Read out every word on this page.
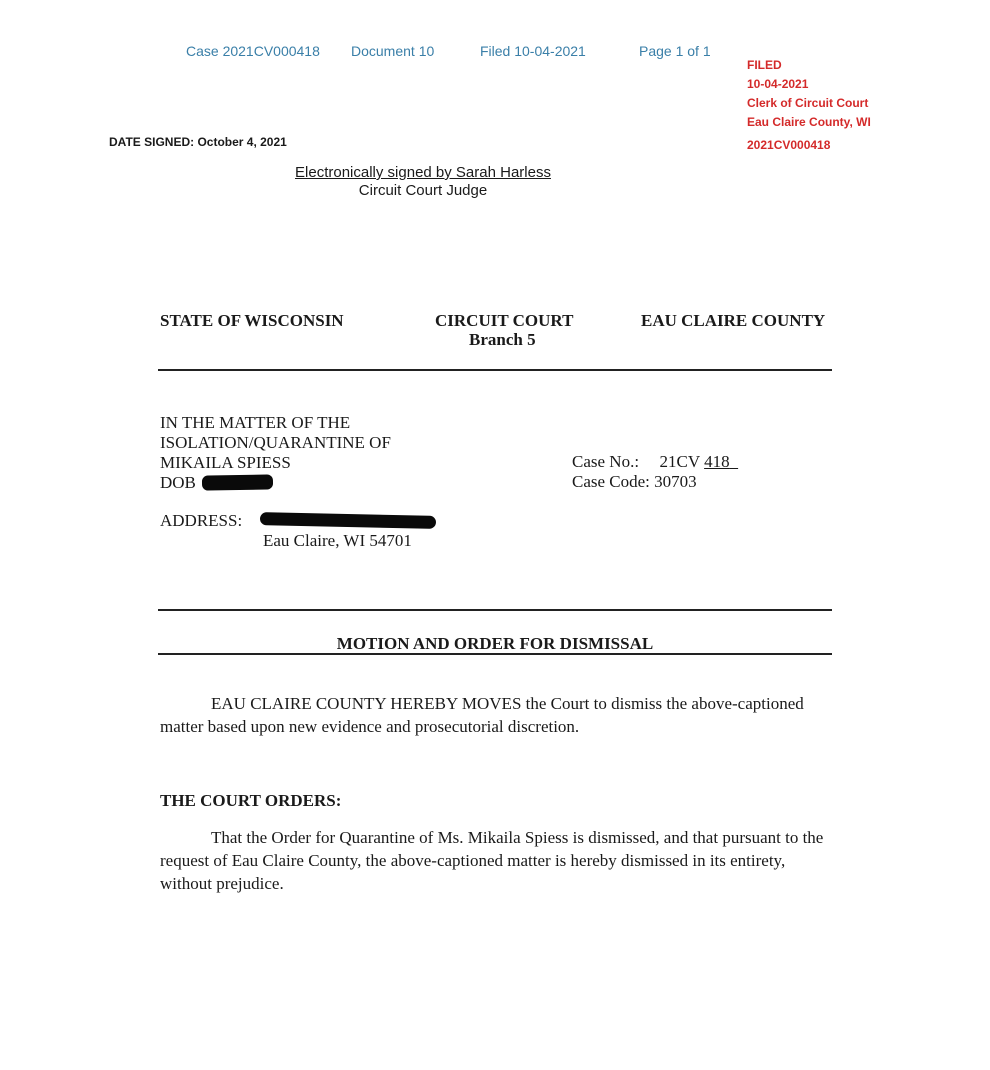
Case 2021CV000418 Document 10	Filed 10-04-2021	Page 1 of 1
FILED
10-04-2021
Clerk of Circuit Court
Eau Claire County, WI
2021CV000418
DATE SIGNED: October 4, 2021
Electronically signed by Sarah Harless
Circuit Court Judge
STATE OF WISCONSIN	CIRCUIT COURT
Branch 5
EAU CLAIRE COUNTY
IN THE MATTER OF THE
ISOLATION/QUARANTINE OF
MIKAILA SPIESS
DOB
ADDRESS:
Eau Claire, WI 54701
Case No.: 21CV 418
Case Code: 30703
MOTION AND ORDER FOR DISMISSAL
EAU CLAIRE COUNTY HEREBY MOVES the Court to dismiss the above-captioned matter based upon new evidence and prosecutorial discretion.
THE COURT ORDERS:
That the Order for Quarantine of Ms. Mikaila Spiess is dismissed, and that pursuant to the request of Eau Claire County, the above-captioned matter is hereby dismissed in its entirety, without prejudice.
